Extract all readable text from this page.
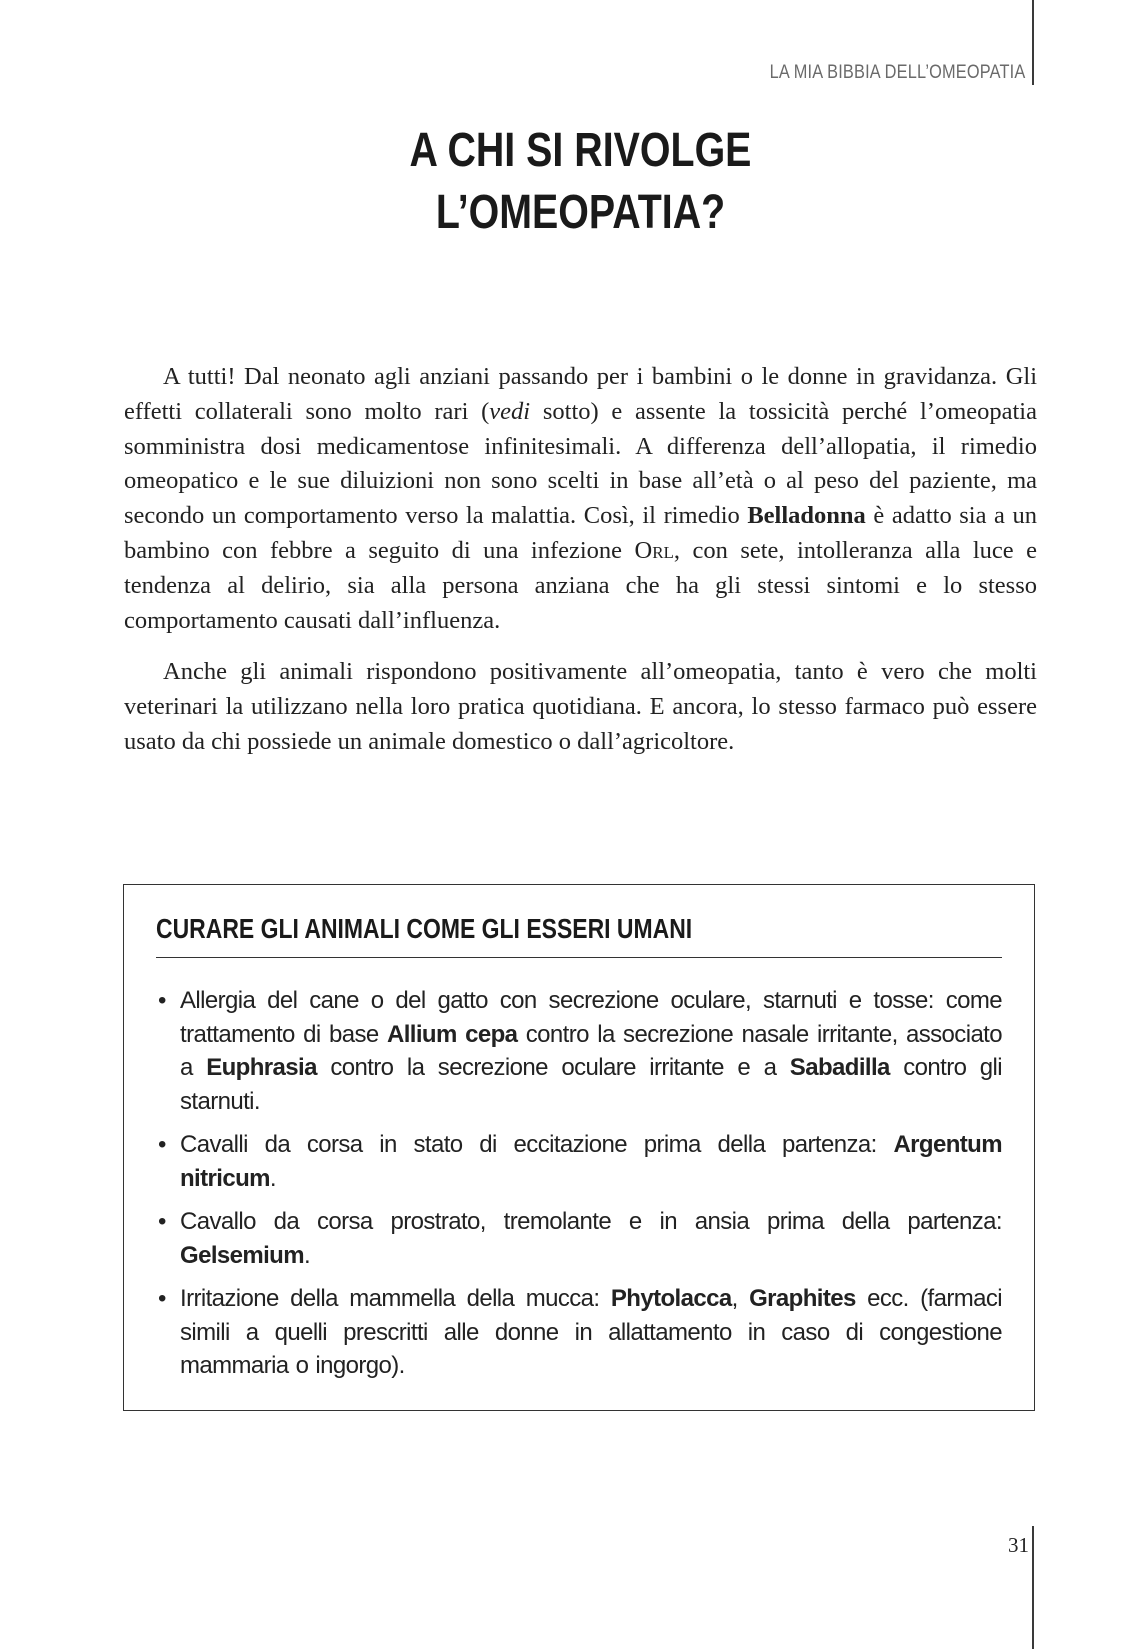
LA MIA BIBBIA DELL’OMEOPATIA
A CHI SI RIVOLGE
L’OMEOPATIA?

A tutti! Dal neonato agli anziani passando per i bambini o le donne in gravidanza. Gli effetti collaterali sono molto rari (vedi sotto) e assente la tossicità perché l’omeopatia somministra dosi medicamentose infinitesimali. A differenza dell’allopatia, il rimedio omeopatico e le sue diluizioni non sono scelti in base all’età o al peso del paziente, ma secondo un comportamento verso la malattia. Così, il rimedio Belladonna è adatto sia a un bambino con febbre a seguito di una infezione Orl, con sete, intolleranza alla luce e tendenza al delirio, sia alla persona anziana che ha gli stessi sintomi e lo stesso comportamento causati dall’influenza.

Anche gli animali rispondono positivamente all’omeopatia, tanto è vero che molti veterinari la utilizzano nella loro pratica quotidiana. E ancora, lo stesso farmaco può essere usato da chi possiede un animale domestico o dall’agricoltore.

CURARE GLI ANIMALI COME GLI ESSERI UMANI
• Allergia del cane o del gatto con secrezione oculare, starnuti e tosse: come trattamento di base Allium cepa contro la secrezione nasale irritante, associato a Euphrasia contro la secrezione oculare irritante e a Sabadilla contro gli starnuti.
• Cavalli da corsa in stato di eccitazione prima della partenza: Argentum nitricum.
• Cavallo da corsa prostrato, tremolante e in ansia prima della partenza: Gelsemium.
• Irritazione della mammella della mucca: Phytolacca, Graphites ecc. (farmaci simili a quelli prescritti alle donne in allattamento in caso di congestione mammaria o ingorgo).
31
